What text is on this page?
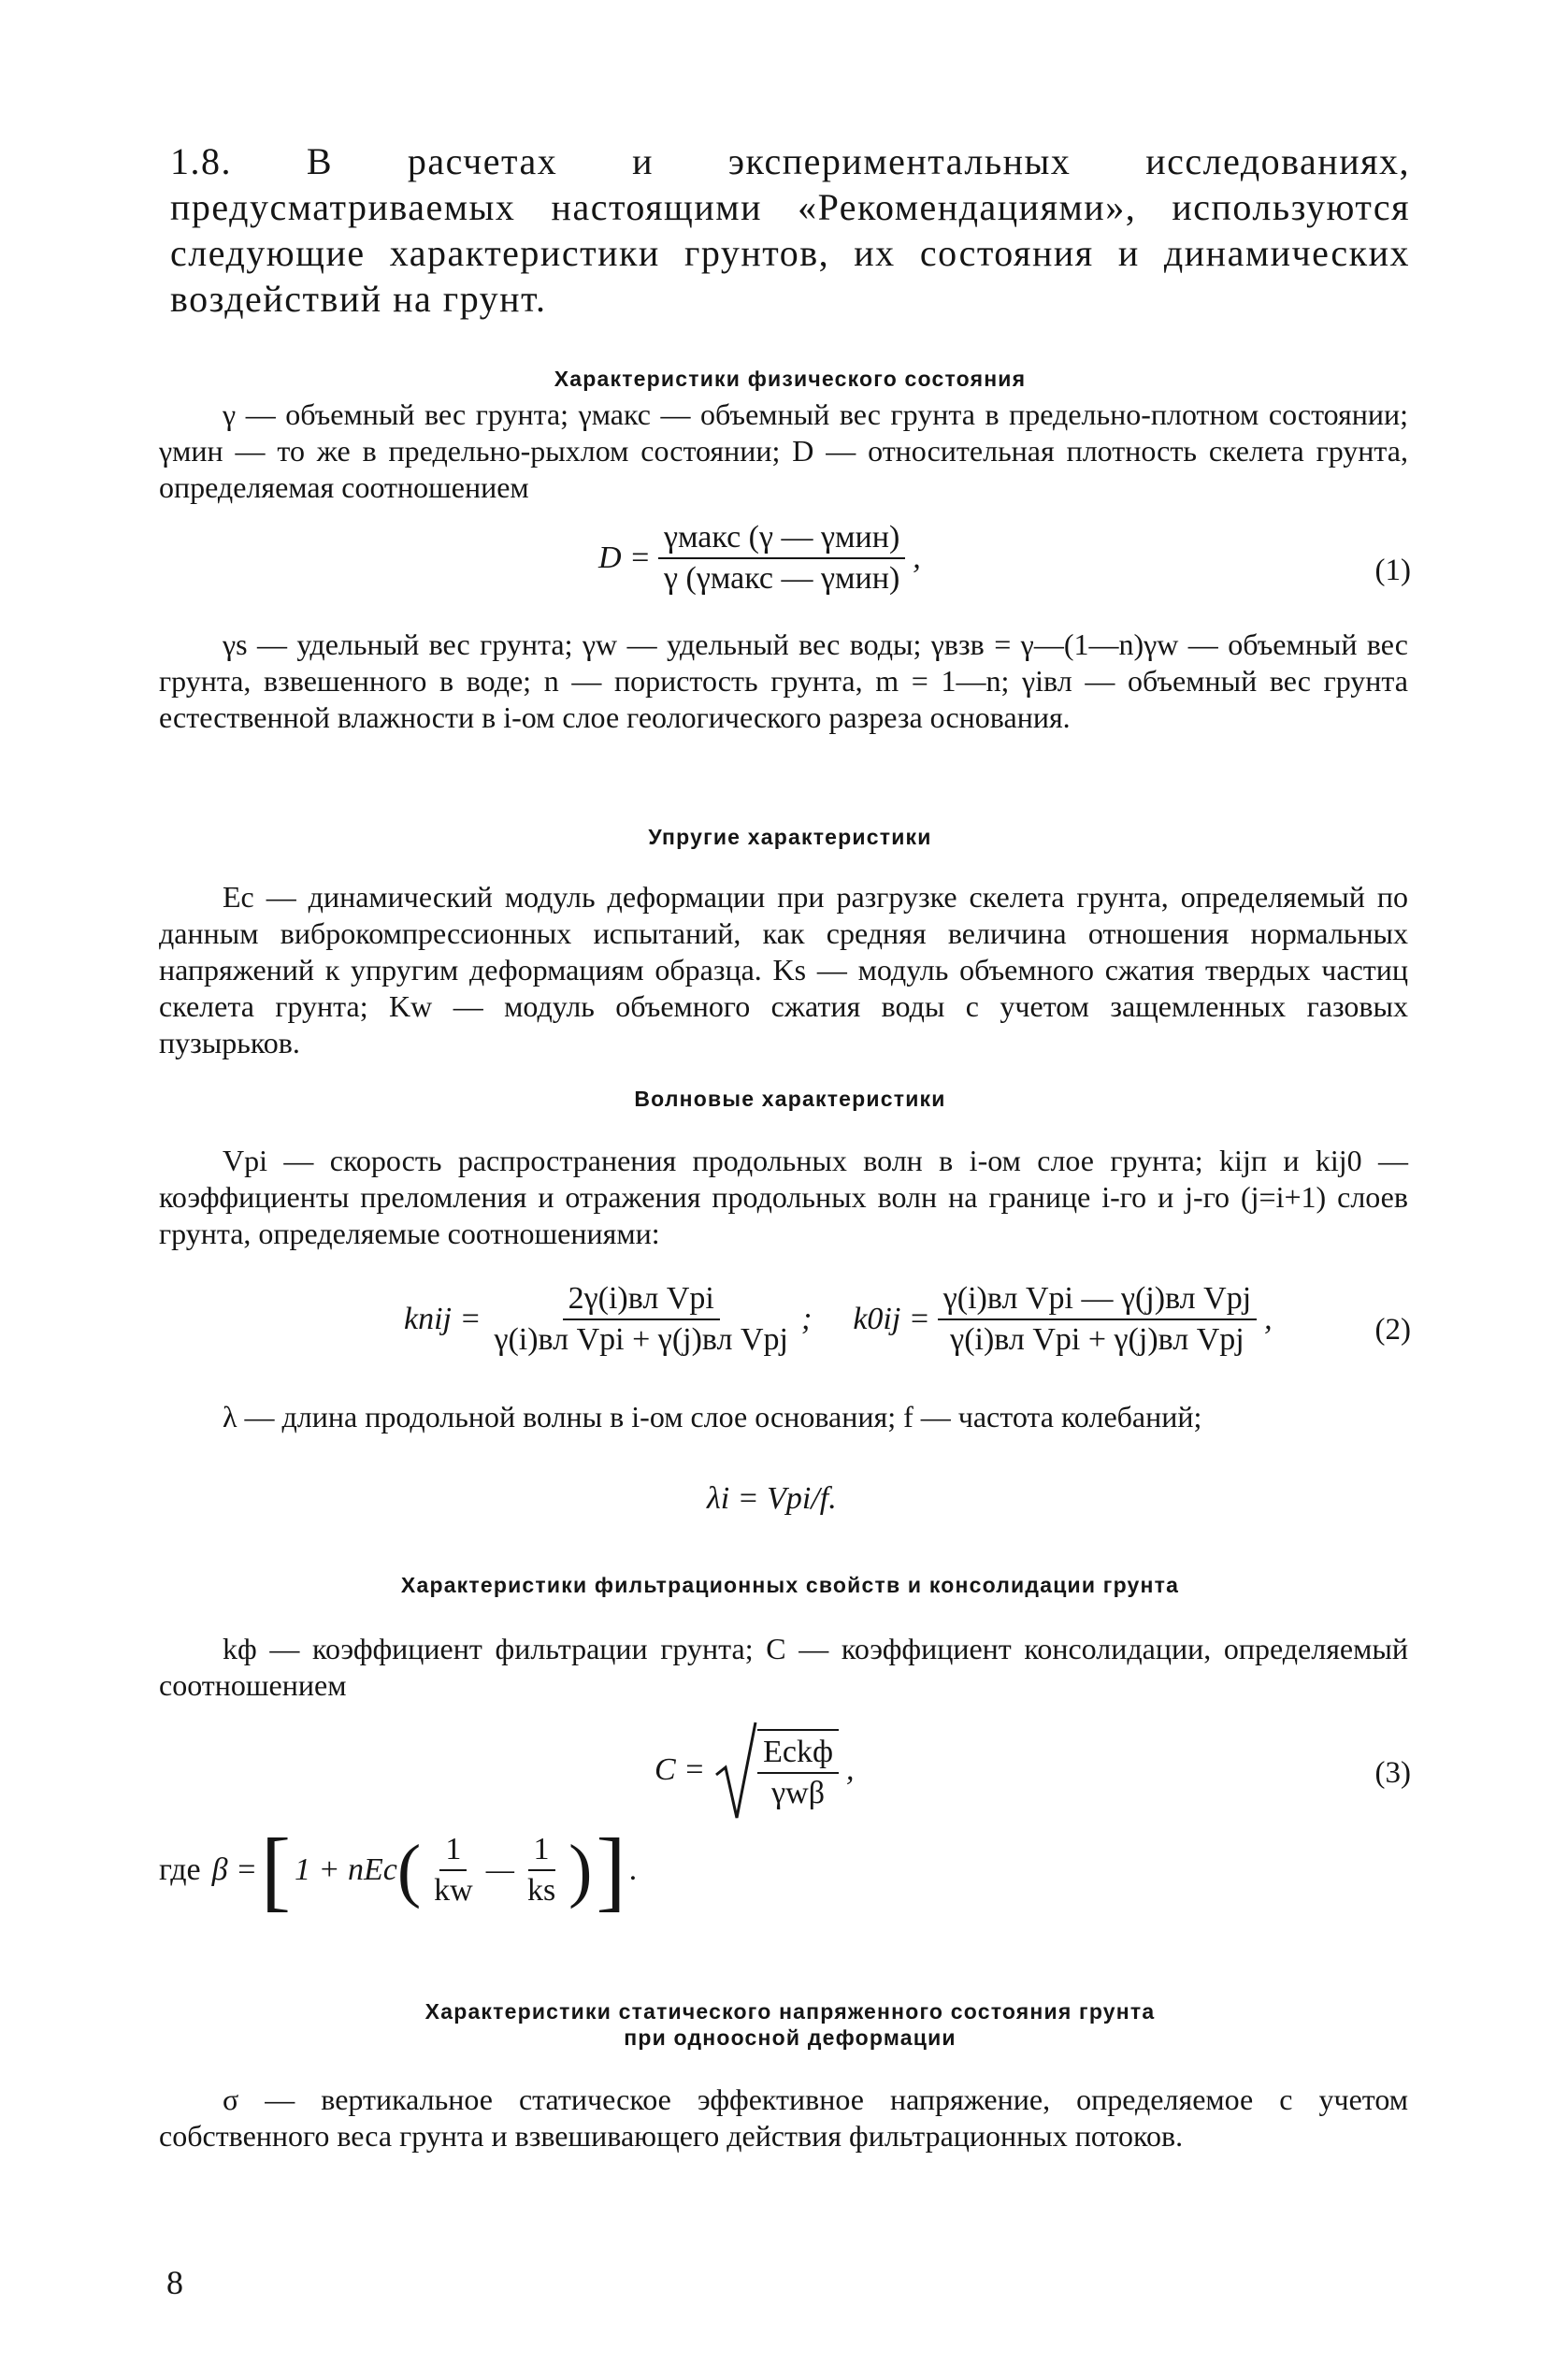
1.8. В расчетах и экспериментальных исследованиях, предусматриваемых настоящими «Рекомендациями», используются следующие характеристики грунтов, их состояния и динамических воздействий на грунт.
Характеристики физического состояния
γ — объемный вес грунта; γмакс — объемный вес грунта в предельно-плотном состоянии; γмин — то же в предельно-рыхлом состоянии; D — относительная плотность скелета грунта, определяемая соотношением
$D = \frac{\text{γмакс (γ — γмин)}}{\text{γ (γмакс — γмин)}}$ ,	(1)
γs — удельный вес грунта; γw — удельный вес воды; γвзв = γ—(1—n)γw — объемный вес грунта, взвешенного в воде; n — пористость грунта, m = 1—n; γiвл — объемный вес грунта естественной влажности в i-ом слое геологического разреза основания.
Упругие характеристики
Eс — динамический модуль деформации при разгрузке скелета грунта, определяемый по данным виброкомпрессионных испытаний, как средняя величина отношения нормальных напряжений к упругим деформациям образца. Ks — модуль объемного сжатия твердых частиц скелета грунта; Kw — модуль объемного сжатия воды с учетом защемленных газовых пузырьков.
Волновые характеристики
Vpi — скорость распространения продольных волн в i-ом слое грунта; kijп и kij0 — коэффициенты преломления и отражения продольных волн на границе i-го и j-го (j=i+1) слоев грунта, определяемые соотношениями:
kпij = $\frac{\text{2γ(i)вл Vpi}}{\text{γ(i)вл Vpi + γ(j)вл Vpj}}$ ; $k0ij = \frac{\text{γ(i)вл Vpi — γ(j)вл Vpj}}{\text{γ(i)вл Vpi + γ(j)вл Vpj}}$ ,	(2)
λ — длина продольной волны в i-ом слое основания; f — частота колебаний;
λi = Vpi/f.
Характеристики фильтрационных свойств и консолидации грунта
kф — коэффициент фильтрации грунта; C — коэффициент консолидации, определяемый соотношением
$C = \frac{\text{Eckф}}{\text{γwβ}}$ ,	(3)
где β = [ 1 + nEc ( $\frac{1}{kw}$ — $\frac{1}{ks}$ ) ] .
Характеристики статического напряженного состояния грунта
при одноосной деформации
σ — вертикальное статическое эффективное напряжение, определяемое с учетом собственного веса грунта и взвешивающего действия фильтрационных потоков.
8
